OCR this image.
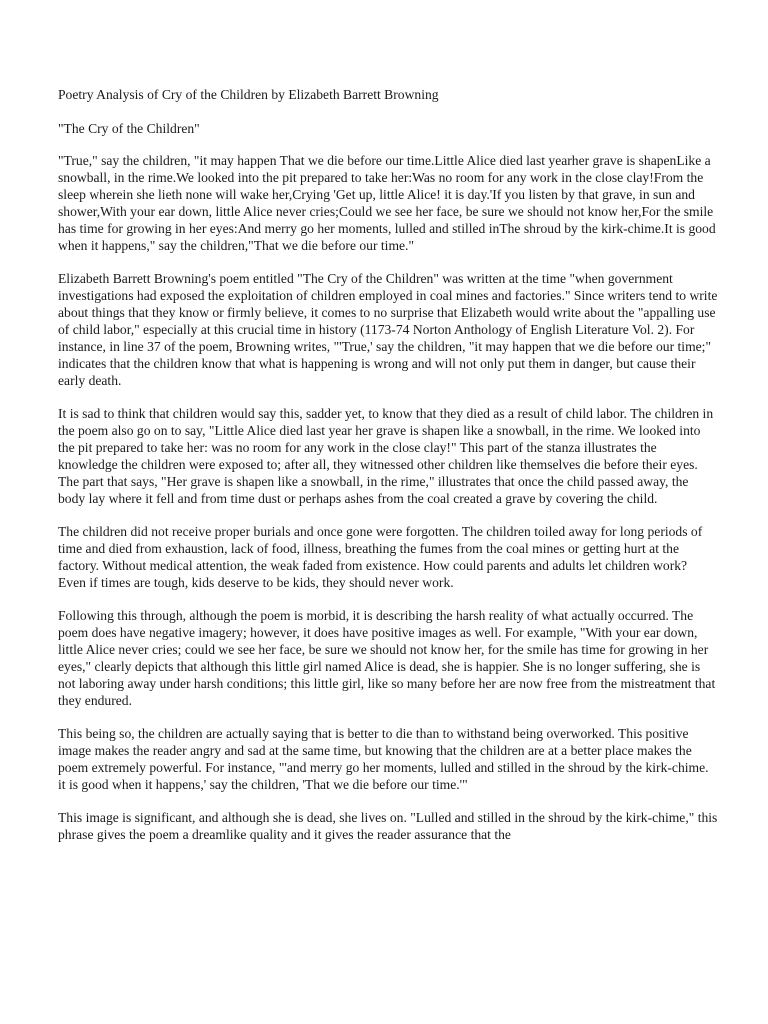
Poetry Analysis of Cry of the Children by Elizabeth Barrett Browning

"The Cry of the Children"

"True," say the children, "it may happen That we die before our time.Little Alice died last yearher grave is shapenLike a snowball, in the rime.We looked into the pit prepared to take her:Was no room for any work in the close clay!From the sleep wherein she lieth none will wake her,Crying 'Get up, little Alice! it is day.'If you listen by that grave, in sun and shower,With your ear down, little Alice never cries;Could we see her face, be sure we should not know her,For the smile has time for growing in her eyes:And merry go her moments, lulled and stilled inThe shroud by the kirk-chime.It is good when it happens," say the children,"That we die before our time."

Elizabeth Barrett Browning's poem entitled "The Cry of the Children" was written at the time "when government investigations had exposed the exploitation of children employed in coal mines and factories." Since writers tend to write about things that they know or firmly believe, it comes to no surprise that Elizabeth would write about the "appalling use of child labor," especially at this crucial time in history (1173-74 Norton Anthology of English Literature Vol. 2). For instance, in line 37 of the poem, Browning writes, "'True,' say the children, "it may happen that we die before our time;" indicates that the children know that what is happening is wrong and will not only put them in danger, but cause their early death.

It is sad to think that children would say this, sadder yet, to know that they died as a result of child labor. The children in the poem also go on to say, "Little Alice died last year her grave is shapen like a snowball, in the rime. We looked into the pit prepared to take her: was no room for any work in the close clay!" This part of the stanza illustrates the knowledge the children were exposed to; after all, they witnessed other children like themselves die before their eyes. The part that says, "Her grave is shapen like a snowball, in the rime," illustrates that once the child passed away, the body lay where it fell and from time dust or perhaps ashes from the coal created a grave by covering the child.

The children did not receive proper burials and once gone were forgotten. The children toiled away for long periods of time and died from exhaustion, lack of food, illness, breathing the fumes from the coal mines or getting hurt at the factory. Without medical attention, the weak faded from existence. How could parents and adults let children work? Even if times are tough, kids deserve to be kids, they should never work.

Following this through, although the poem is morbid, it is describing the harsh reality of what actually occurred. The poem does have negative imagery; however, it does have positive images as well. For example, "With your ear down, little Alice never cries; could we see her face, be sure we should not know her, for the smile has time for growing in her eyes," clearly depicts that although this little girl named Alice is dead, she is happier. She is no longer suffering, she is not laboring away under harsh conditions; this little girl, like so many before her are now free from the mistreatment that they endured.

This being so, the children are actually saying that is better to die than to withstand being overworked. This positive image makes the reader angry and sad at the same time, but knowing that the children are at a better place makes the poem extremely powerful. For instance, "'and merry go her moments, lulled and stilled in the shroud by the kirk-chime. it is good when it happens,' say the children, 'That we die before our time.'"

This image is significant, and although she is dead, she lives on. "Lulled and stilled in the shroud by the kirk-chime," this phrase gives the poem a dreamlike quality and it gives the reader assurance that the
